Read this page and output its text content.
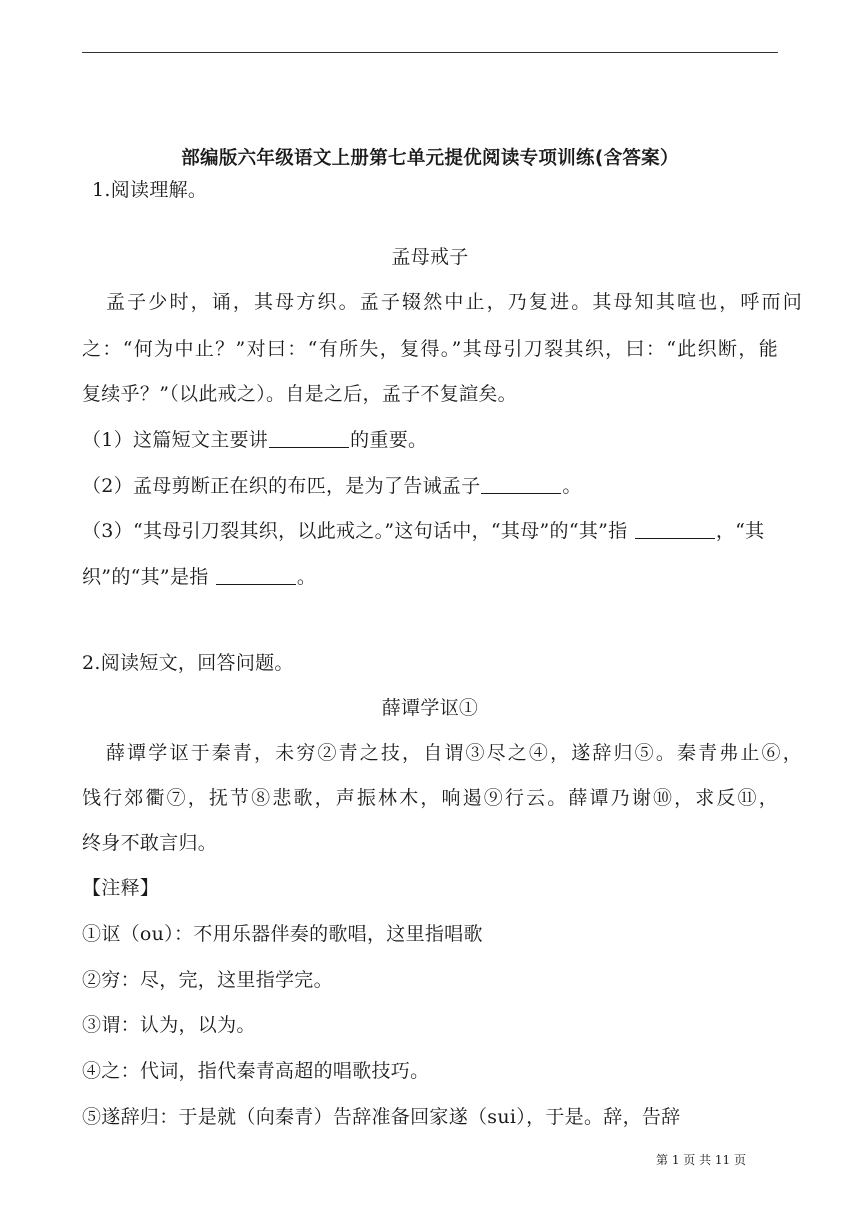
部编版六年级语文上册第七单元提优阅读专项训练(含答案）
1.阅读理解。
孟母戒子
孟子少时，诵，其母方织。孟子辍然中止，乃复进。其母知其喧也，呼而问
之：“何为中止？”对曰：“有所失，复得。”其母引刀裂其织，曰：“此织断，能
复续乎？”（以此戒之）。自是之后，孟子不复諠矣。
（1）这篇短文主要讲	的重要。
（2）孟母剪断正在织的布匹，是为了告诫孟子	。
（3）“其母引刀裂其织，以此戒之。”这句话中，“其母”的“其”指	，“其
织”的“其”是指	。
2.阅读短文，回答问题。
薛谭学讴①
薛谭学讴于秦青，未穷②青之技，自谓③尽之④，遂辞归⑤。秦青弗止⑥，
饯行郊衢⑦，抚节⑧悲歌，声振林木，响遏⑨行云。薛谭乃谢⑩，求反⑪，
终身不敢言归。
【注释】
①讴（ou）：不用乐器伴奏的歌唱，这里指唱歌
②穷：尽，完，这里指学完。
③谓：认为，以为。
④之：代词，指代秦青高超的唱歌技巧。
⑤遂辞归：于是就（向秦青）告辞准备回家遂（sui），于是。辞，告辞
第 1 页 共 11 页
